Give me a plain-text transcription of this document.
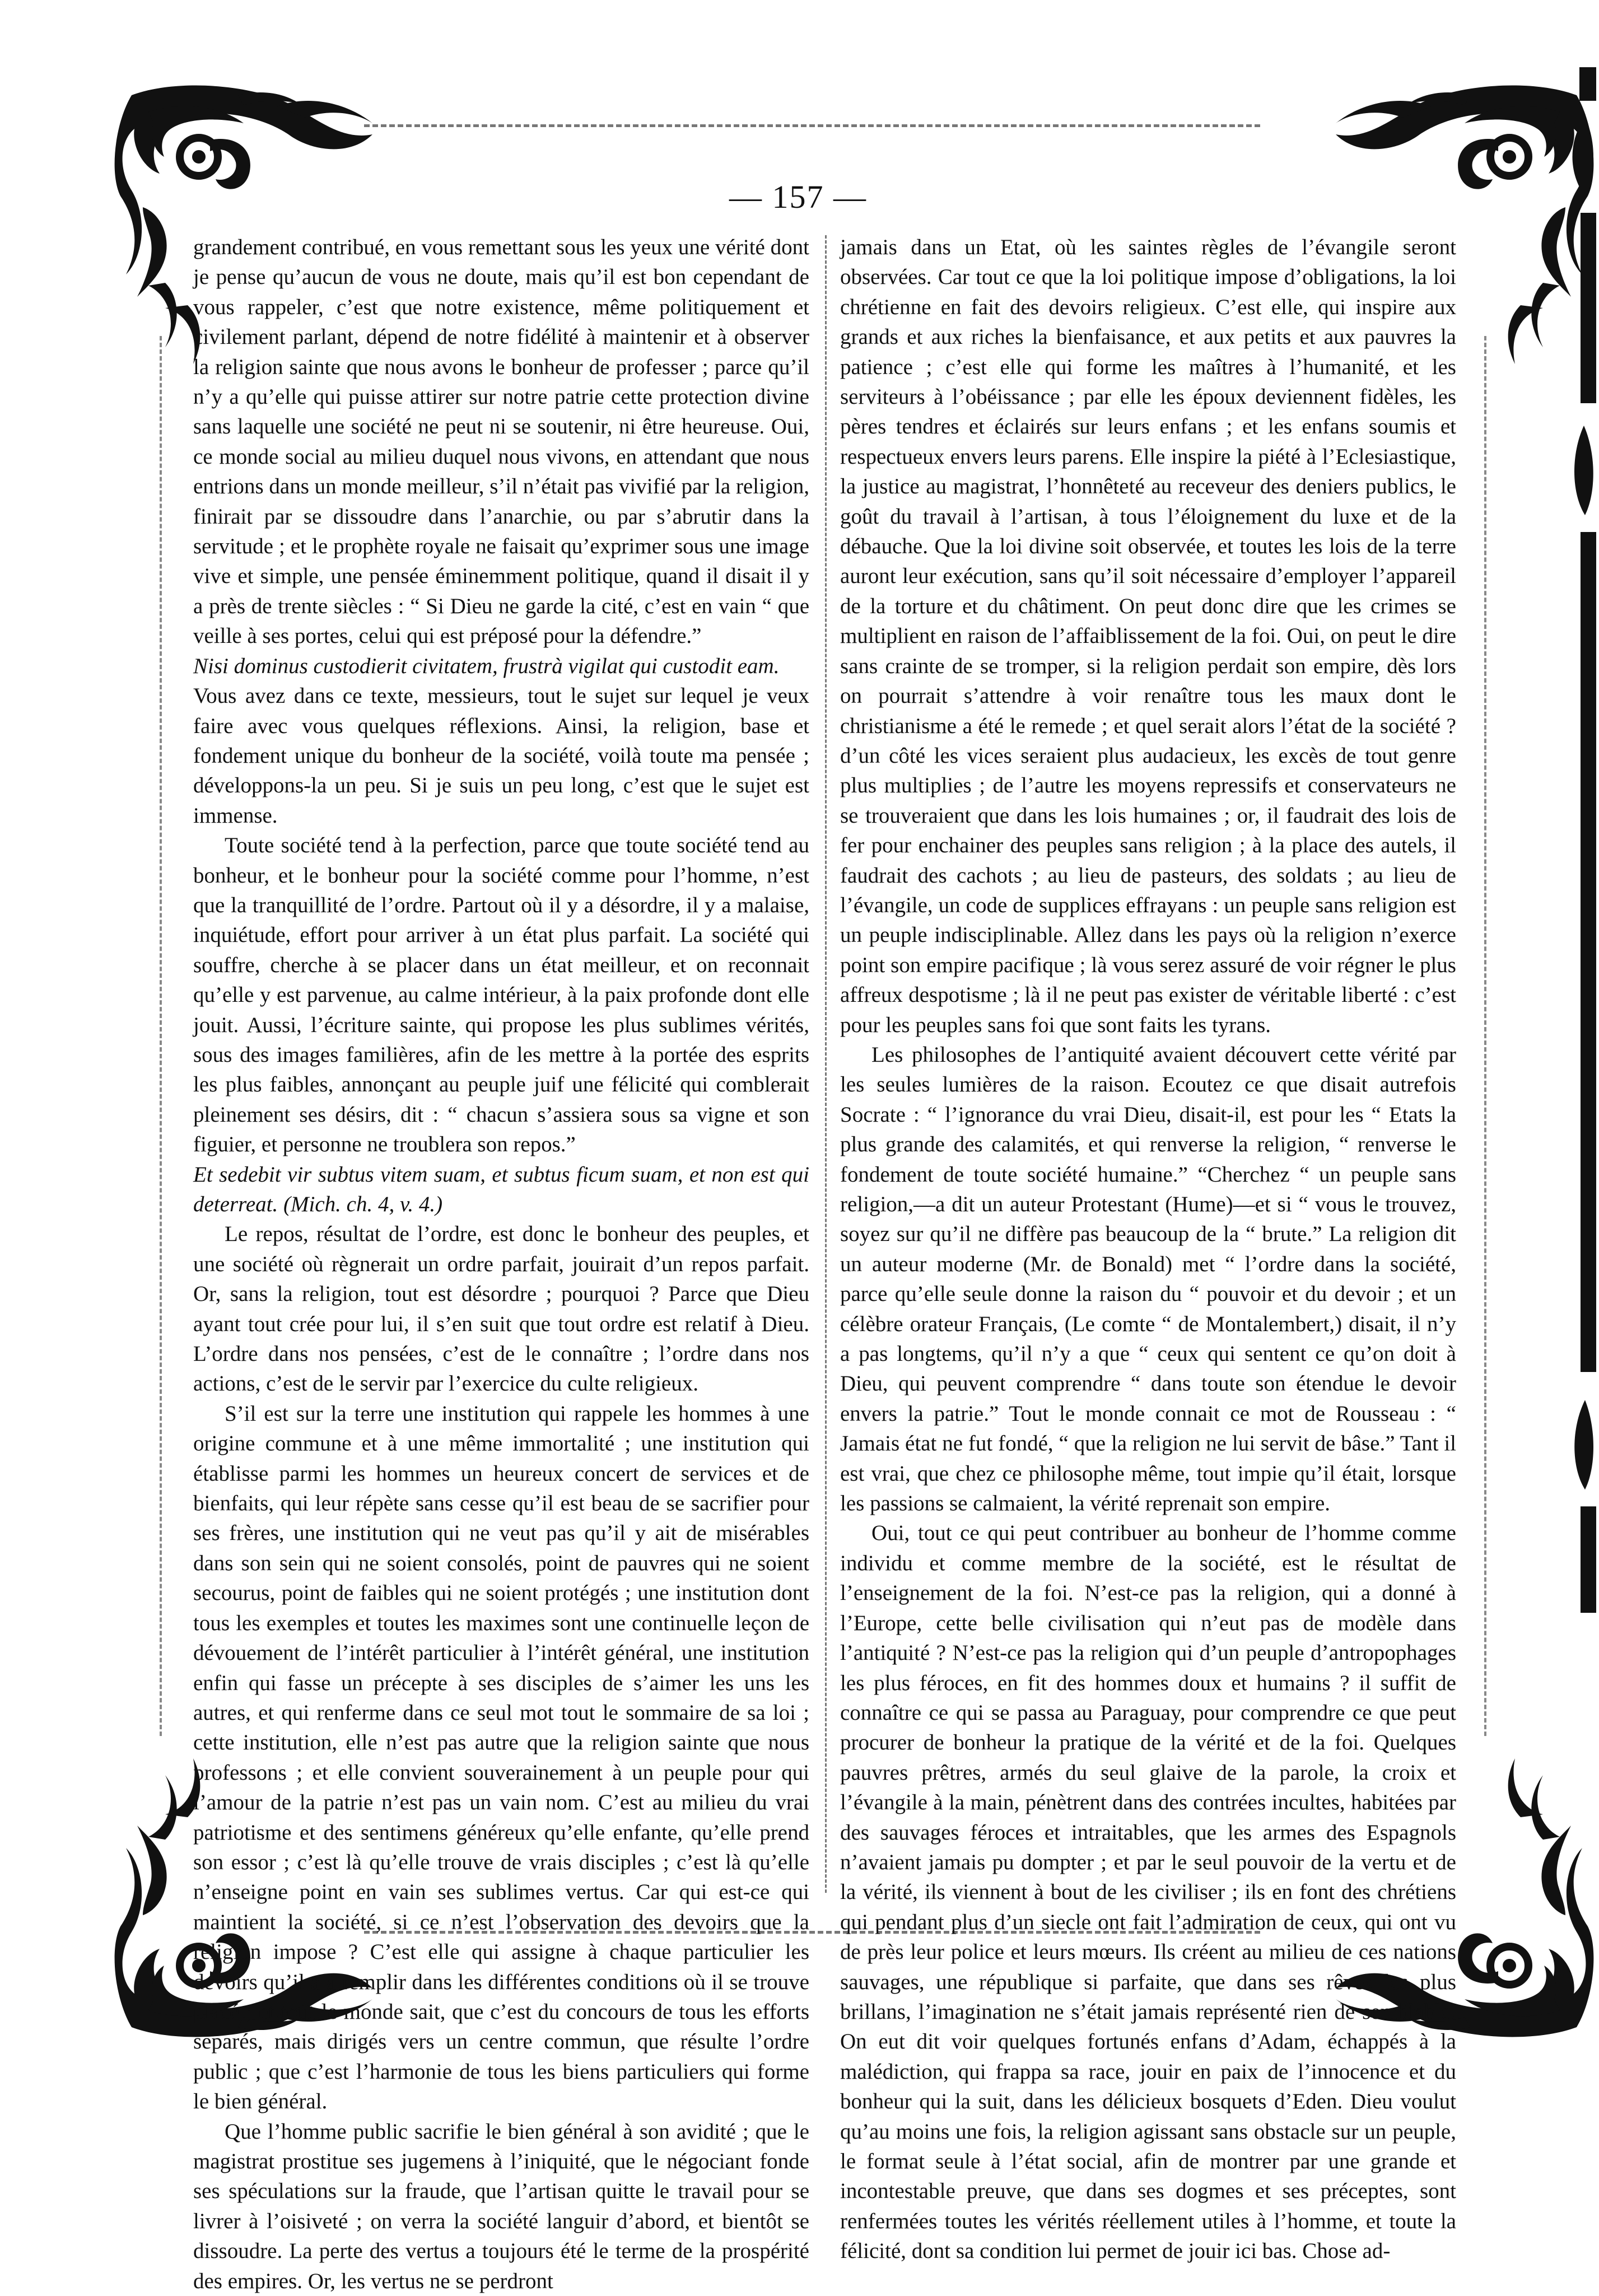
— 157 —

grandement contribué, en vous remettant sous les yeux une vérité dont je pense qu’aucun de vous ne doute, mais qu’il est bon cependant de vous rappeler, c’est que notre existence, même politiquement et civilement parlant, dépend de notre fidélité à maintenir et à observer la religion sainte que nous avons le bonheur de professer ; parce qu’il n’y a qu’elle qui puisse attirer sur notre patrie cette protection divine sans laquelle une société ne peut ni se soutenir, ni être heureuse. Oui, ce monde social au milieu duquel nous vivons, en attendant que nous entrions dans un monde meilleur, s’il n’était pas vivifié par la religion, finirait par se dissoudre dans l’anarchie, ou par s’abrutir dans la servitude ; et le prophète royale ne faisait qu’exprimer sous une image vive et simple, une pensée éminemment politique, quand il disait il y a près de trente siècles : “ Si Dieu ne garde la cité, c’est en vain “ que veille à ses portes, celui qui est préposé pour la défendre.”

Nisi dominus custodierit civitatem, frustrà vigilat qui custodit eam.

Vous avez dans ce texte, messieurs, tout le sujet sur lequel je veux faire avec vous quelques réflexions. Ainsi, la religion, base et fondement unique du bonheur de la société, voilà toute ma pensée ; développons-la un peu. Si je suis un peu long, c’est que le sujet est immense.

Toute société tend à la perfection, parce que toute société tend au bonheur, et le bonheur pour la société comme pour l’homme, n’est que la tranquillité de l’ordre. Partout où il y a désordre, il y a malaise, inquiétude, effort pour arriver à un état plus parfait. La société qui souffre, cherche à se placer dans un état meilleur, et on reconnait qu’elle y est parvenue, au calme intérieur, à la paix profonde dont elle jouit. Aussi, l’écriture sainte, qui propose les plus sublimes vérités, sous des images familières, afin de les mettre à la portée des esprits les plus faibles, annonçant au peuple juif une félicité qui comblerait pleinement ses désirs, dit : “ chacun s’assiera sous sa vigne et son figuier, et personne ne troublera son repos.”

Et sedebit vir subtus vitem suam, et subtus ficum suam, et non est qui deterreat. (Mich. ch. 4, v. 4.)

Le repos, résultat de l’ordre, est donc le bonheur des peuples, et une société où règnerait un ordre parfait, jouirait d’un repos parfait. Or, sans la religion, tout est désordre ; pourquoi ? Parce que Dieu ayant tout crée pour lui, il s’en suit que tout ordre est relatif à Dieu. L’ordre dans nos pensées, c’est de le connaître ; l’ordre dans nos actions, c’est de le servir par l’exercice du culte religieux.

S’il est sur la terre une institution qui rappele les hommes à une origine commune et à une même immortalité ; une institution qui établisse parmi les hommes un heureux concert de services et de bienfaits, qui leur répète sans cesse qu’il est beau de se sacrifier pour ses frères, une institution qui ne veut pas qu’il y ait de misérables dans son sein qui ne soient consolés, point de pauvres qui ne soient secourus, point de faibles qui ne soient protégés ; une institution dont tous les exemples et toutes les maximes sont une continuelle leçon de dévouement de l’intérêt particulier à l’intérêt général, une institution enfin qui fasse un précepte à ses disciples de s’aimer les uns les autres, et qui renferme dans ce seul mot tout le sommaire de sa loi ; cette institution, elle n’est pas autre que la religion sainte que nous professons ; et elle convient souverainement à un peuple pour qui l’amour de la patrie n’est pas un vain nom. C’est au milieu du vrai patriotisme et des sentimens généreux qu’elle enfante, qu’elle prend son essor ; c’est là qu’elle trouve de vrais disciples ; c’est là qu’elle n’enseigne point en vain ses sublimes vertus. Car qui est-ce qui maintient la société, si ce n’est l’observation des devoirs que la religion impose ? C’est elle qui assigne à chaque particulier les devoirs qu’il a à remplir dans les différentes conditions où il se trouve placé ; et tout le monde sait, que c’est du concours de tous les efforts séparés, mais dirigés vers un centre commun, que résulte l’ordre public ; que c’est l’harmonie de tous les biens particuliers qui forme le bien général.

Que l’homme public sacrifie le bien général à son avidité ; que le magistrat prostitue ses jugemens à l’iniquité, que le négociant fonde ses spéculations sur la fraude, que l’artisan quitte le travail pour se livrer à l’oisiveté ; on verra la société languir d’abord, et bientôt se dissoudre. La perte des vertus a toujours été le terme de la prospérité des empires. Or, les vertus ne se perdront

jamais dans un Etat, où les saintes règles de l’évangile seront observées. Car tout ce que la loi politique impose d’obligations, la loi chrétienne en fait des devoirs religieux. C’est elle, qui inspire aux grands et aux riches la bienfaisance, et aux petits et aux pauvres la patience ; c’est elle qui forme les maîtres à l’humanité, et les serviteurs à l’obéissance ; par elle les époux deviennent fidèles, les pères tendres et éclairés sur leurs enfans ; et les enfans soumis et respectueux envers leurs parens. Elle inspire la piété à l’Eclesiastique, la justice au magistrat, l’honnêteté au receveur des deniers publics, le goût du travail à l’artisan, à tous l’éloignement du luxe et de la débauche. Que la loi divine soit observée, et toutes les lois de la terre auront leur exécution, sans qu’il soit nécessaire d’employer l’appareil de la torture et du châtiment. On peut donc dire que les crimes se multiplient en raison de l’affaiblissement de la foi. Oui, on peut le dire sans crainte de se tromper, si la religion perdait son empire, dès lors on pourrait s’attendre à voir renaître tous les maux dont le christianisme a été le remede ; et quel serait alors l’état de la société ? d’un côté les vices seraient plus audacieux, les excès de tout genre plus multiplies ; de l’autre les moyens repressifs et conservateurs ne se trouveraient que dans les lois humaines ; or, il faudrait des lois de fer pour enchainer des peuples sans religion ; à la place des autels, il faudrait des cachots ; au lieu de pasteurs, des soldats ; au lieu de l’évangile, un code de supplices effrayans : un peuple sans religion est un peuple indisciplinable. Allez dans les pays où la religion n’exerce point son empire pacifique ; là vous serez assuré de voir régner le plus affreux despotisme ; là il ne peut pas exister de véritable liberté : c’est pour les peuples sans foi que sont faits les tyrans.

Les philosophes de l’antiquité avaient découvert cette vérité par les seules lumières de la raison. Ecoutez ce que disait autrefois Socrate : “ l’ignorance du vrai Dieu, disait-il, est pour les “ Etats la plus grande des calamités, et qui renverse la religion, “ renverse le fondement de toute société humaine.” “Cherchez “ un peuple sans religion,—a dit un auteur Protestant (Hume)—et si “ vous le trouvez, soyez sur qu’il ne diffère pas beaucoup de la “ brute.” La religion dit un auteur moderne (Mr. de Bonald) met “ l’ordre dans la société, parce qu’elle seule donne la raison du “ pouvoir et du devoir ; et un célèbre orateur Français, (Le comte “ de Montalembert,) disait, il n’y a pas longtems, qu’il n’y a que “ ceux qui sentent ce qu’on doit à Dieu, qui peuvent comprendre “ dans toute son étendue le devoir envers la patrie.” Tout le monde connait ce mot de Rousseau : “ Jamais état ne fut fondé, “ que la religion ne lui servit de bâse.” Tant il est vrai, que chez ce philosophe même, tout impie qu’il était, lorsque les passions se calmaient, la vérité reprenait son empire.

Oui, tout ce qui peut contribuer au bonheur de l’homme comme individu et comme membre de la société, est le résultat de l’enseignement de la foi. N’est-ce pas la religion, qui a donné à l’Europe, cette belle civilisation qui n’eut pas de modèle dans l’antiquité ? N’est-ce pas la religion qui d’un peuple d’antropophages les plus féroces, en fit des hommes doux et humains ? il suffit de connaître ce qui se passa au Paraguay, pour comprendre ce que peut procurer de bonheur la pratique de la vérité et de la foi. Quelques pauvres prêtres, armés du seul glaive de la parole, la croix et l’évangile à la main, pénètrent dans des contrées incultes, habitées par des sauvages féroces et intraitables, que les armes des Espagnols n’avaient jamais pu dompter ; et par le seul pouvoir de la vertu et de la vérité, ils viennent à bout de les civiliser ; ils en font des chrétiens qui pendant plus d’un siecle ont fait l’admiration de ceux, qui ont vu de près leur police et leurs mœurs. Ils créent au milieu de ces nations sauvages, une république si parfaite, que dans ses rêves les plus brillans, l’imagination ne s’était jamais représenté rien de semblable. On eut dit voir quelques fortunés enfans d’Adam, échappés à la malédiction, qui frappa sa race, jouir en paix de l’innocence et du bonheur qui la suit, dans les délicieux bosquets d’Eden. Dieu voulut qu’au moins une fois, la religion agissant sans obstacle sur un peuple, le format seule à l’état social, afin de montrer par une grande et incontestable preuve, que dans ses dogmes et ses préceptes, sont renfermées toutes les vérités réellement utiles à l’homme, et toute la félicité, dont sa condition lui permet de jouir ici bas. Chose ad-
